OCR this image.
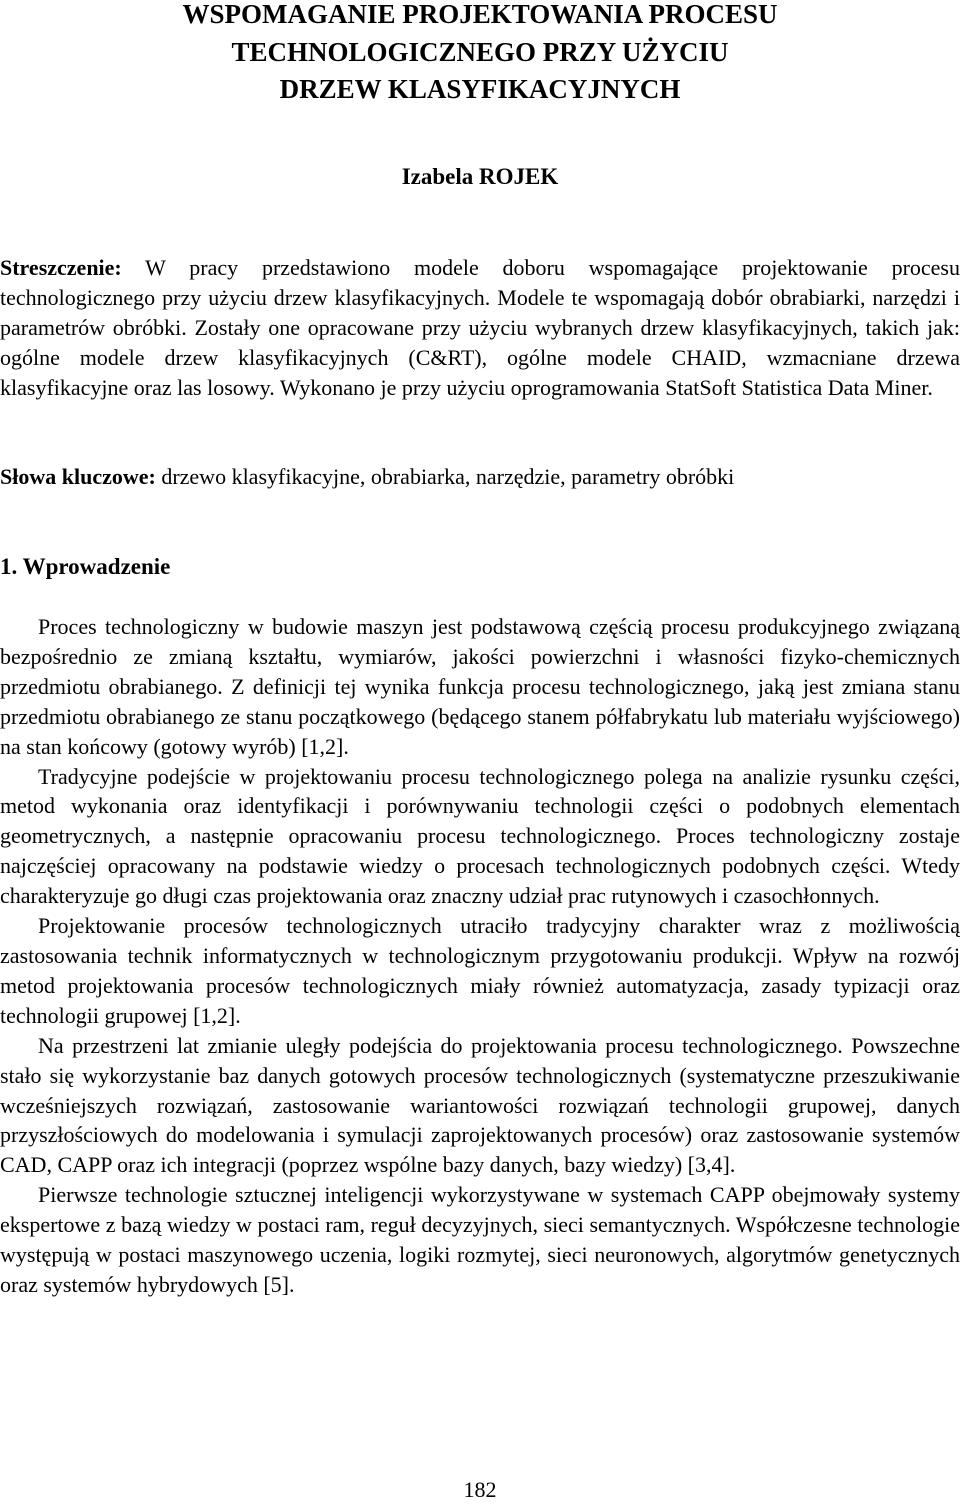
WSPOMAGANIE PROJEKTOWANIA PROCESU
TECHNOLOGICZNEGO PRZY UŻYCIU
DRZEW KLASYFIKACYJNYCH
Izabela ROJEK

Streszczenie: W pracy przedstawiono modele doboru wspomagające projektowanie procesu technologicznego przy użyciu drzew klasyfikacyjnych. Modele te wspomagają dobór obrabiarki, narzędzi i parametrów obróbki. Zostały one opracowane przy użyciu wybranych drzew klasyfikacyjnych, takich jak: ogólne modele drzew klasyfikacyjnych (C&RT), ogólne modele CHAID, wzmacniane drzewa klasyfikacyjne oraz las losowy. Wykonano je przy użyciu oprogramowania StatSoft Statistica Data Miner.

Słowa kluczowe: drzewo klasyfikacyjne, obrabiarka, narzędzie, parametry obróbki

1. Wprowadzenie

Proces technologiczny w budowie maszyn jest podstawową częścią procesu produkcyjnego związaną bezpośrednio ze zmianą kształtu, wymiarów, jakości powierzchni i własności fizyko-chemicznych przedmiotu obrabianego. Z definicji tej wynika funkcja procesu technologicznego, jaką jest zmiana stanu przedmiotu obrabianego ze stanu początkowego (będącego stanem półfabrykatu lub materiału wyjściowego) na stan końcowy (gotowy wyrób) [1,2].

Tradycyjne podejście w projektowaniu procesu technologicznego polega na analizie rysunku części, metod wykonania oraz identyfikacji i porównywaniu technologii części o podobnych elementach geometrycznych, a następnie opracowaniu procesu technologicznego. Proces technologiczny zostaje najczęściej opracowany na podstawie wiedzy o procesach technologicznych podobnych części. Wtedy charakteryzuje go długi czas projektowania oraz znaczny udział prac rutynowych i czasochłonnych.

Projektowanie procesów technologicznych utraciło tradycyjny charakter wraz z możliwością zastosowania technik informatycznych w technologicznym przygotowaniu produkcji. Wpływ na rozwój metod projektowania procesów technologicznych miały również automatyzacja, zasady typizacji oraz technologii grupowej [1,2].

Na przestrzeni lat zmianie uległy podejścia do projektowania procesu technologicznego. Powszechne stało się wykorzystanie baz danych gotowych procesów technologicznych (systematyczne przeszukiwanie wcześniejszych rozwiązań, zastosowanie wariantowości rozwiązań technologii grupowej, danych przyszłościowych do modelowania i symulacji zaprojektowanych procesów) oraz zastosowanie systemów CAD, CAPP oraz ich integracji (poprzez wspólne bazy danych, bazy wiedzy) [3,4].

Pierwsze technologie sztucznej inteligencji wykorzystywane w systemach CAPP obejmowały systemy ekspertowe z bazą wiedzy w postaci ram, reguł decyzyjnych, sieci semantycznych. Współczesne technologie występują w postaci maszynowego uczenia, logiki rozmytej, sieci neuronowych, algorytmów genetycznych oraz systemów hybrydowych [5].

182
